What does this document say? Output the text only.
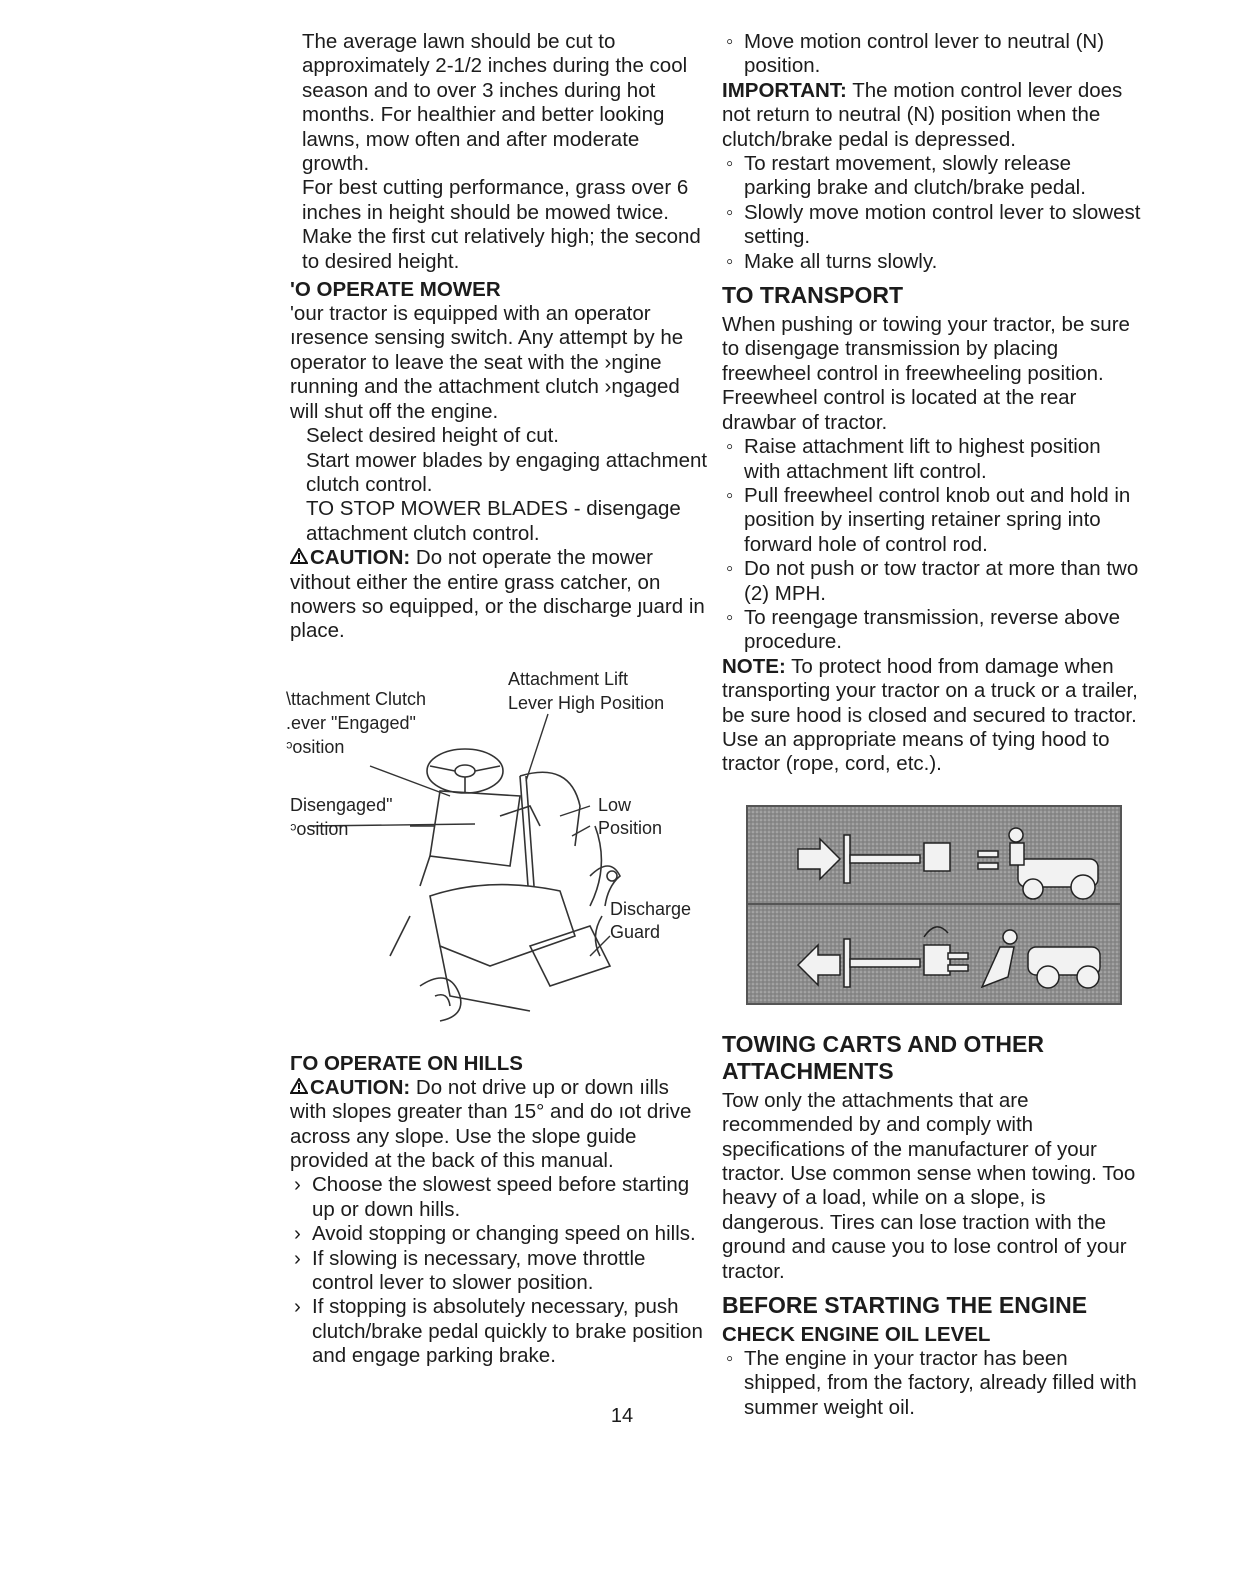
The average lawn should be cut to approximately 2-1/2 inches during the cool season and to over 3 inches during hot months. For healthier and better looking lawns, mow often and after moderate growth.

For best cutting performance, grass over 6 inches in height should be mowed twice. Make the first cut relatively high; the second to desired height.

'O OPERATE MOWER

'our tractor is equipped with an operator ıresence sensing switch. Any attempt by he operator to leave the seat with the ›ngine running and the attachment clutch ›ngaged will shut off the engine.

Select desired height of cut.

Start mower blades by engaging attachment clutch control.

TO STOP MOWER BLADES - disengage attachment clutch control.

CAUTION: Do not operate the mower vithout either the entire grass catcher, on nowers so equipped, or the discharge ȷuard in place.

Attachment Lift
Lever High Position
\ttachment Clutch
.ever "Engaged"
ᵓosition
Disengaged"
ᵓosition
Low
Position
Discharge
Guard
ΓO OPERATE ON HILLS

CAUTION: Do not drive up or down ıills with slopes greater than 15° and do ıot drive across any slope. Use the slope guide provided at the back of this manual.

› Choose the slowest speed before starting up or down hills.
› Avoid stopping or changing speed on hills.
› If slowing is necessary, move throttle control lever to slower position.
› If stopping is absolutely necessary, push clutch/brake pedal quickly to brake position and engage parking brake.
◦ Move motion control lever to neutral (N) position.

IMPORTANT: The motion control lever does not return to neutral (N) position when the clutch/brake pedal is depressed.

◦ To restart movement, slowly release parking brake and clutch/brake pedal.
◦ Slowly move motion control lever to slowest setting.
◦ Make all turns slowly.
TO TRANSPORT

When pushing or towing your tractor, be sure to disengage transmission by placing freewheel control in freewheeling position. Freewheel control is located at the rear drawbar of tractor.

◦ Raise attachment lift to highest position with attachment lift control.
◦ Pull freewheel control knob out and hold in position by inserting retainer spring into forward hole of control rod.
◦ Do not push or tow tractor at more than two (2) MPH.
◦ To reengage transmission, reverse above procedure.

NOTE: To protect hood from damage when transporting your tractor on a truck or a trailer, be sure hood is closed and secured to tractor. Use an appropriate means of tying hood to tractor (rope, cord, etc.).

TOWING CARTS AND OTHER
ATTACHMENTS

Tow only the attachments that are recommended by and comply with specifications of the manufacturer of your tractor. Use common sense when towing. Too heavy of a load, while on a slope, is dangerous. Tires can lose traction with the ground and cause you to lose control of your tractor.

BEFORE STARTING THE ENGINE
CHECK ENGINE OIL LEVEL
◦ The engine in your tractor has been shipped, from the factory, already filled with summer weight oil.
14
